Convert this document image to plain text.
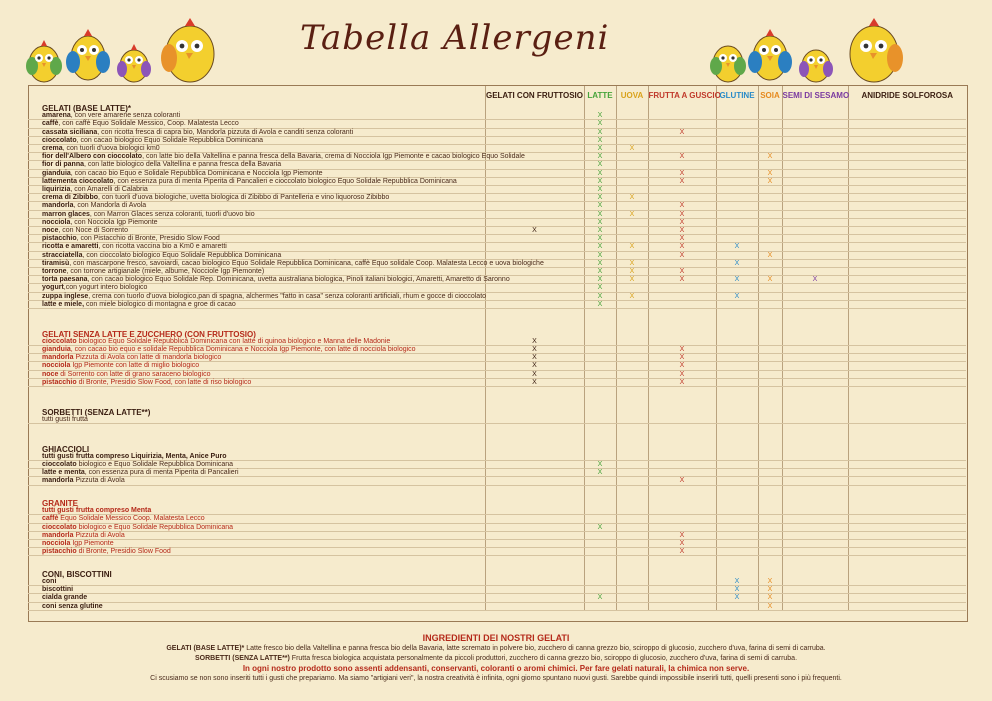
Tabella Allergeni
	GELATI CON FRUTTOSIO	LATTE	UOVA	FRUTTA A GUSCIO	GLUTINE	SOIA	SEMI DI SESAMO	ANIDRIDE SOLFOROSA
GELATI (BASE LATTE)*								
amarena, con vere amarene senza coloranti		X						
caffè, con caffè Equo Solidale Messico, Coop. Malatesta Lecco		X						
cassata siciliana, con ricotta fresca di capra bio, Mandorla pizzuta di Avola e canditi senza coloranti		X		X				
cioccolato, con cacao biologico Equo Solidale Repubblica Dominicana		X						
crema, con tuorli d'uova biologici km0		X	X					
fior dell'Albero con cioccolato, con latte bio della Valtellina e panna fresca della Bavaria, crema di Nocciola Igp Piemonte e cacao biologico Equo Solidale		X		X		X		
fior di panna, con latte biologico della Valtellina e panna fresca della Bavaria		X						
gianduia, con cacao bio Equo e Solidale Repubblica Dominicana e Nocciola Igp Piemonte		X		X		X		
lattementa cioccolato, con essenza pura di menta Piperita di Pancalieri e cioccolato biologico Equo Solidale Repubblica Dominicana		X		X		X		
liquirizia, con Amarelli di Calabria		X						
crema di Zibibbo, con tuorli d'uova biologiche, uvetta biologica di Zibibbo di Pantelleria e vino liquoroso Zibibbo		X	X					
mandorla, con Mandorla di Avola		X		X				
marron glaces, con Marron Glaces senza coloranti, tuorli d'uovo bio		X	X	X				
nocciola, con Nocciola Igp Piemonte		X		X				
noce, con Noce di Sorrento	X	X		X				
pistacchio, con Pistacchio di Bronte, Presidio Slow Food		X		X				
ricotta e amaretti, con ricotta vaccina bio a Km0 e amaretti		X	X	X	X			
stracciatella, con cioccolato biologico Equo Solidale Repubblica Dominicana		X		X		X		
tiramisù, con mascarpone fresco, savoiardi, cacao biologico Equo Solidale Repubblica Dominicana, caffè Equo solidale Coop. Malatesta Lecco e uova biologiche		X	X		X			
torrone, con torrone artigianale (miele, albume, Nocciole Igp Piemonte)		X	X	X				
torta paesana, con cacao biologico Equo Solidale Rep. Dominicana, uvetta australiana biologica, Pinoli italiani biologici, Amaretti, Amaretto di Saronno		X	X	X	X	X	X	
yogurt,con yogurt intero biologico		X						
zuppa inglese, crema con tuorlo d'uova biologico,pan di spagna, alchermes "fatto in casa" senza coloranti artificiali, rhum e gocce di cioccolato		X	X		X			
latte e miele, con miele biologico di montagna e groe di cacao		X						

GELATI SENZA LATTE E ZUCCHERO (CON FRUTTOSIO)								
cioccolato biologico Equo Solidale Repubblica Dominicana con latte di quinoa biologico e Manna delle Madonie	X							
gianduia, con cacao bio equo e solidale Repubblica Dominicana e Nocciola Igp Piemonte, con latte di nocciola biologico	X			X				
mandorla Pizzuta di Avola con latte di mandorla biologico	X			X				
nocciola Igp Piemonte con latte di miglio biologico	X			X				
noce di Sorrento con latte di grano saraceno biologico	X			X				
pistacchio di Bronte, Presidio Slow Food, con latte di riso biologico	X			X				

SORBETTI (SENZA LATTE**)								
tutti gusti frutta								

GHIACCIOLI								
tutti gusti frutta compreso Liquirizia, Menta, Anice Puro								
cioccolato biologico e Equo Solidale Repubblica Dominicana		X						
latte e menta, con essenza pura di menta Piperita di Pancalieri		X						
mandorla Pizzuta di Avola				X				

GRANITE								
tutti gusti frutta compreso Menta								
caffè Equo Solidale Messico Coop. Malatesta Lecco								
cioccolato biologico e Equo Solidale Repubblica Dominicana		X						
mandorla Pizzuta di Avola				X				
nocciola Igp Piemonte				X				
pistacchio di Bronte, Presidio Slow Food				X				

CONI, BISCOTTINI								
coni					X	X		
biscottini					X	X		
cialda grande		X			X	X		
coni senza glutine						X		
INGREDIENTI DEI NOSTRI GELATI
GELATI (BASE LATTE)* Latte fresco bio della Valtellina e panna fresca bio della Bavaria, latte scremato in polvere bio, zucchero di canna grezzo bio, sciroppo di glucosio, zucchero d'uva, farina di semi di carruba.
SORBETTI (SENZA LATTE**) Frutta fresca biologica acquistata personalmente da piccoli produttori, zucchero di canna grezzo bio, sciroppo di glucosio, zucchero d'uva, farina di semi di carruba.
In ogni nostro prodotto sono assenti addensanti, conservanti, coloranti o aromi chimici. Per fare gelati naturali, la chimica non serve.
Ci scusiamo se non sono inseriti tutti i gusti che prepariamo. Ma siamo "artigiani veri", la nostra creatività è infinita, ogni giorno spuntano nuovi gusti. Sarebbe quindi impossibile inserirli tutti, quelli presenti sono i più frequenti.
